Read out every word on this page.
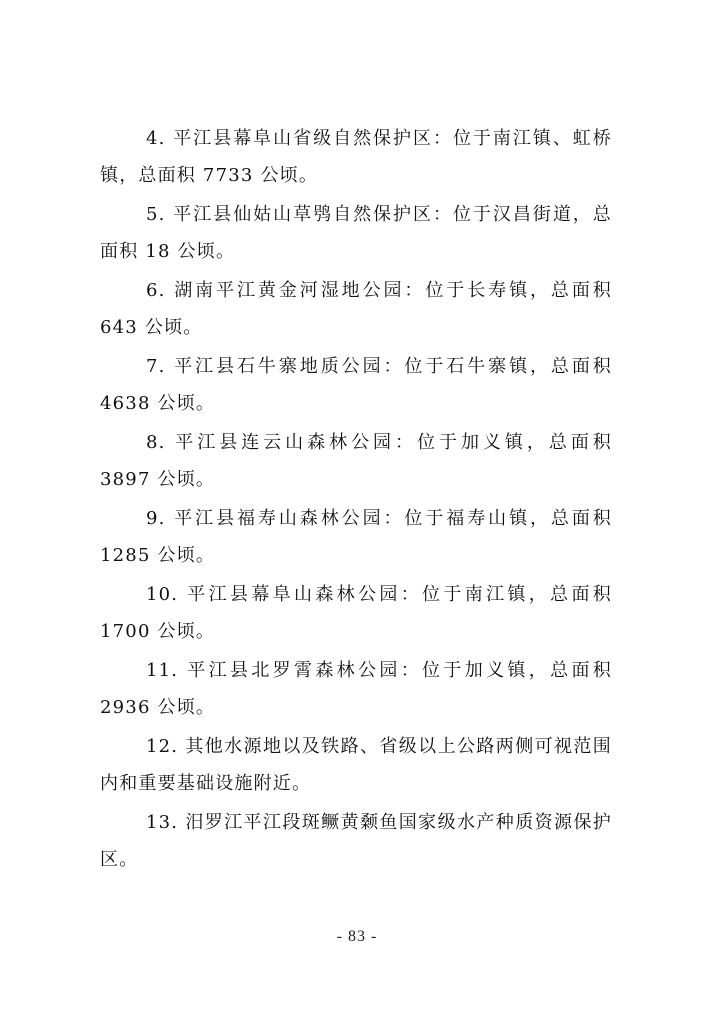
4. 平江县幕阜山省级自然保护区：位于南江镇、虹桥镇，总面积 7733 公顷。

5. 平江县仙姑山草鸮自然保护区：位于汉昌街道，总面积 18 公顷。

6. 湖南平江黄金河湿地公园：位于长寿镇，总面积 643 公顷。

7. 平江县石牛寨地质公园：位于石牛寨镇，总面积 4638 公顷。

8. 平江县连云山森林公园：位于加义镇，总面积 3897 公顷。

9. 平江县福寿山森林公园：位于福寿山镇，总面积 1285 公顷。

10. 平江县幕阜山森林公园：位于南江镇，总面积 1700 公顷。

11. 平江县北罗霄森林公园：位于加义镇，总面积 2936 公顷。

12. 其他水源地以及铁路、省级以上公路两侧可视范围内和重要基础设施附近。

13. 汨罗江平江段斑鳜黄颡鱼国家级水产种质资源保护区。

- 83 -
